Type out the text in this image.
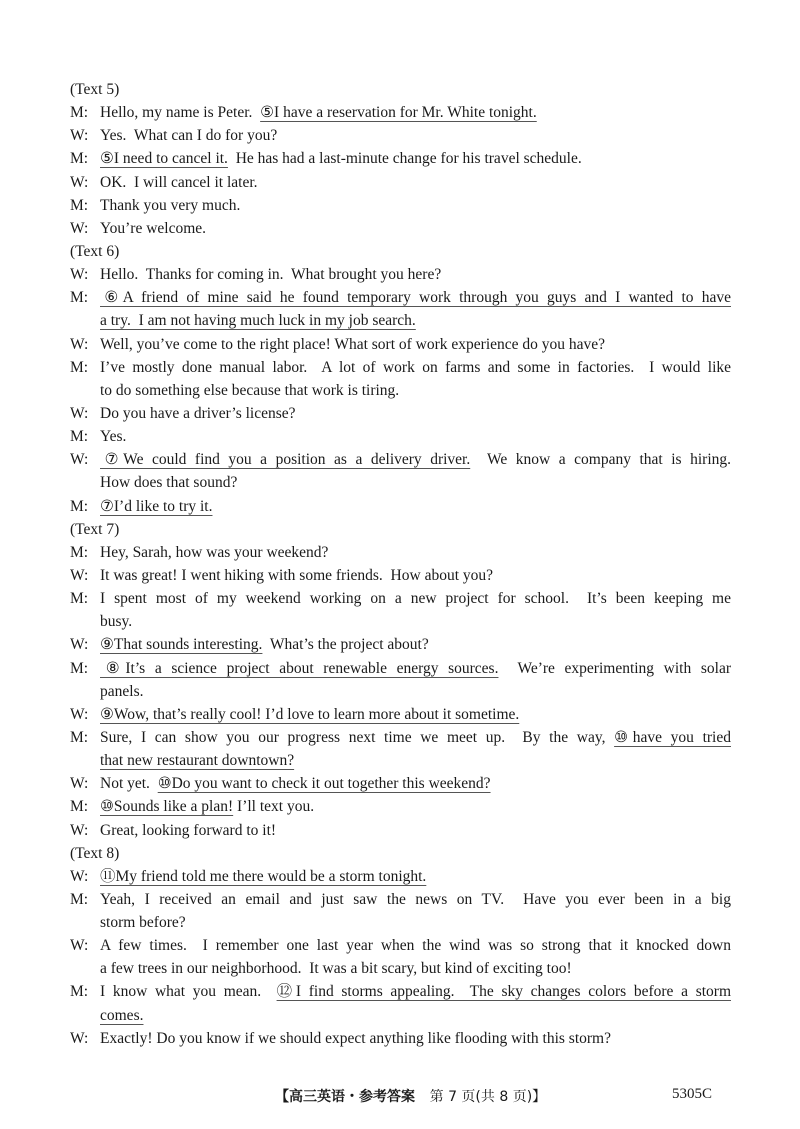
(Text 5)
M: Hello, my name is Peter.  ⑤I have a reservation for Mr. White tonight.
W: Yes.  What can I do for you?
M: ⑤I need to cancel it.  He has had a last-minute change for his travel schedule.
W: OK.  I will cancel it later.
M: Thank you very much.
W: You’re welcome.
(Text 6)
W: Hello.  Thanks for coming in.  What brought you here?
M: ⑥A friend of mine said he found temporary work through you guys and I wanted to have
a try.  I am not having much luck in my job search.
W: Well, you’ve come to the right place! What sort of work experience do you have?
M: I’ve mostly done manual labor.  A lot of work on farms and some in factories.  I would like
to do something else because that work is tiring.
W: Do you have a driver’s license?
M: Yes.
W: ⑦We could find you a position as a delivery driver.  We know a company that is hiring.
How does that sound?
M: ⑦I’d like to try it.
(Text 7)
M: Hey, Sarah, how was your weekend?
W: It was great! I went hiking with some friends.  How about you?
M: I spent most of my weekend working on a new project for school.  It’s been keeping me
busy.
W: ⑨That sounds interesting.  What’s the project about?
M: ⑧It’s a science project about renewable energy sources.  We’re experimenting with solar
panels.
W: ⑨Wow, that’s really cool! I’d love to learn more about it sometime.
M: Sure, I can show you our progress next time we meet up.  By the way, ⑩have you tried
that new restaurant downtown?
W: Not yet.  ⑩Do you want to check it out together this weekend?
M: ⑩Sounds like a plan! I’ll text you.
W: Great, looking forward to it!
(Text 8)
W: ⑪My friend told me there would be a storm tonight.
M: Yeah, I received an email and just saw the news on TV.  Have you ever been in a big
storm before?
W: A few times.  I remember one last year when the wind was so strong that it knocked down
a few trees in our neighborhood.  It was a bit scary, but kind of exciting too!
M: I know what you mean.  ⑫I find storms appealing.  The sky changes colors before a storm
comes.
W: Exactly! Do you know if we should expect anything like flooding with this storm?
【高三英语・参考答案 第 7 页(共 8 页)】	5305C
